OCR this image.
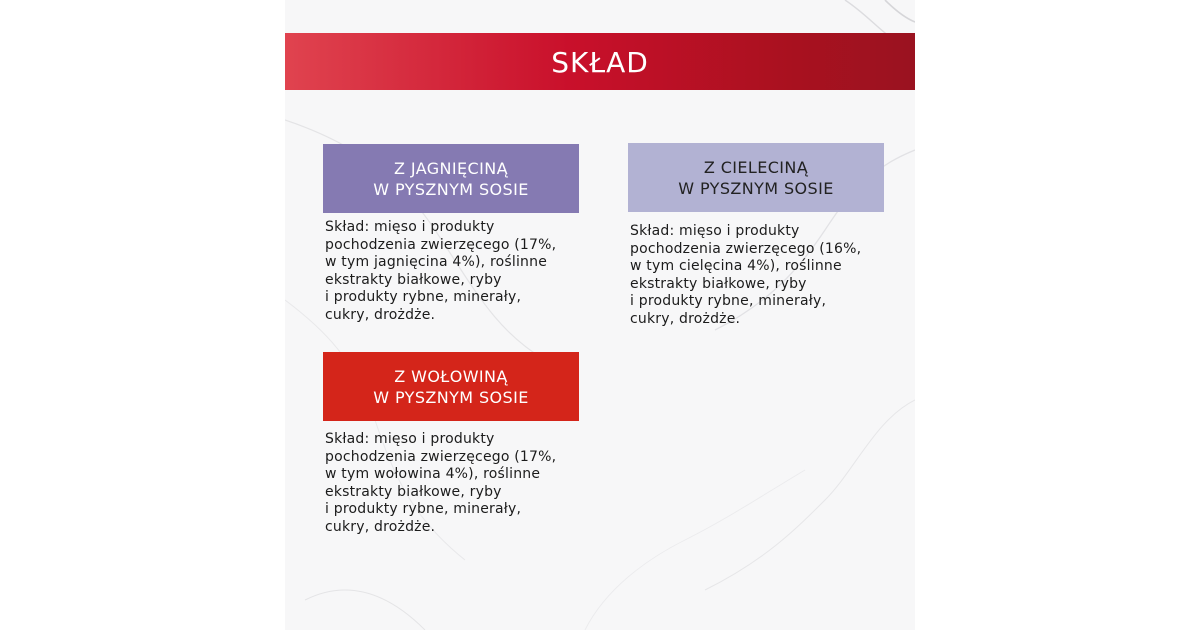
SKŁAD
Z JAGNIĘCINĄ
W PYSZNYM SOSIE
Skład: mięso i produkty
pochodzenia zwierzęcego (17%,
w tym jagnięcina 4%), roślinne
ekstrakty białkowe, ryby
i produkty rybne, minerały,
cukry, drożdże.
Z CIELECINĄ
W PYSZNYM SOSIE
Skład: mięso i produkty
pochodzenia zwierzęcego (16%,
w tym cielęcina 4%), roślinne
ekstrakty białkowe, ryby
i produkty rybne, minerały,
cukry, drożdże.
Z WOŁOWINĄ
W PYSZNYM SOSIE
Skład: mięso i produkty
pochodzenia zwierzęcego (17%,
w tym wołowina 4%), roślinne
ekstrakty białkowe, ryby
i produkty rybne, minerały,
cukry, drożdże.
